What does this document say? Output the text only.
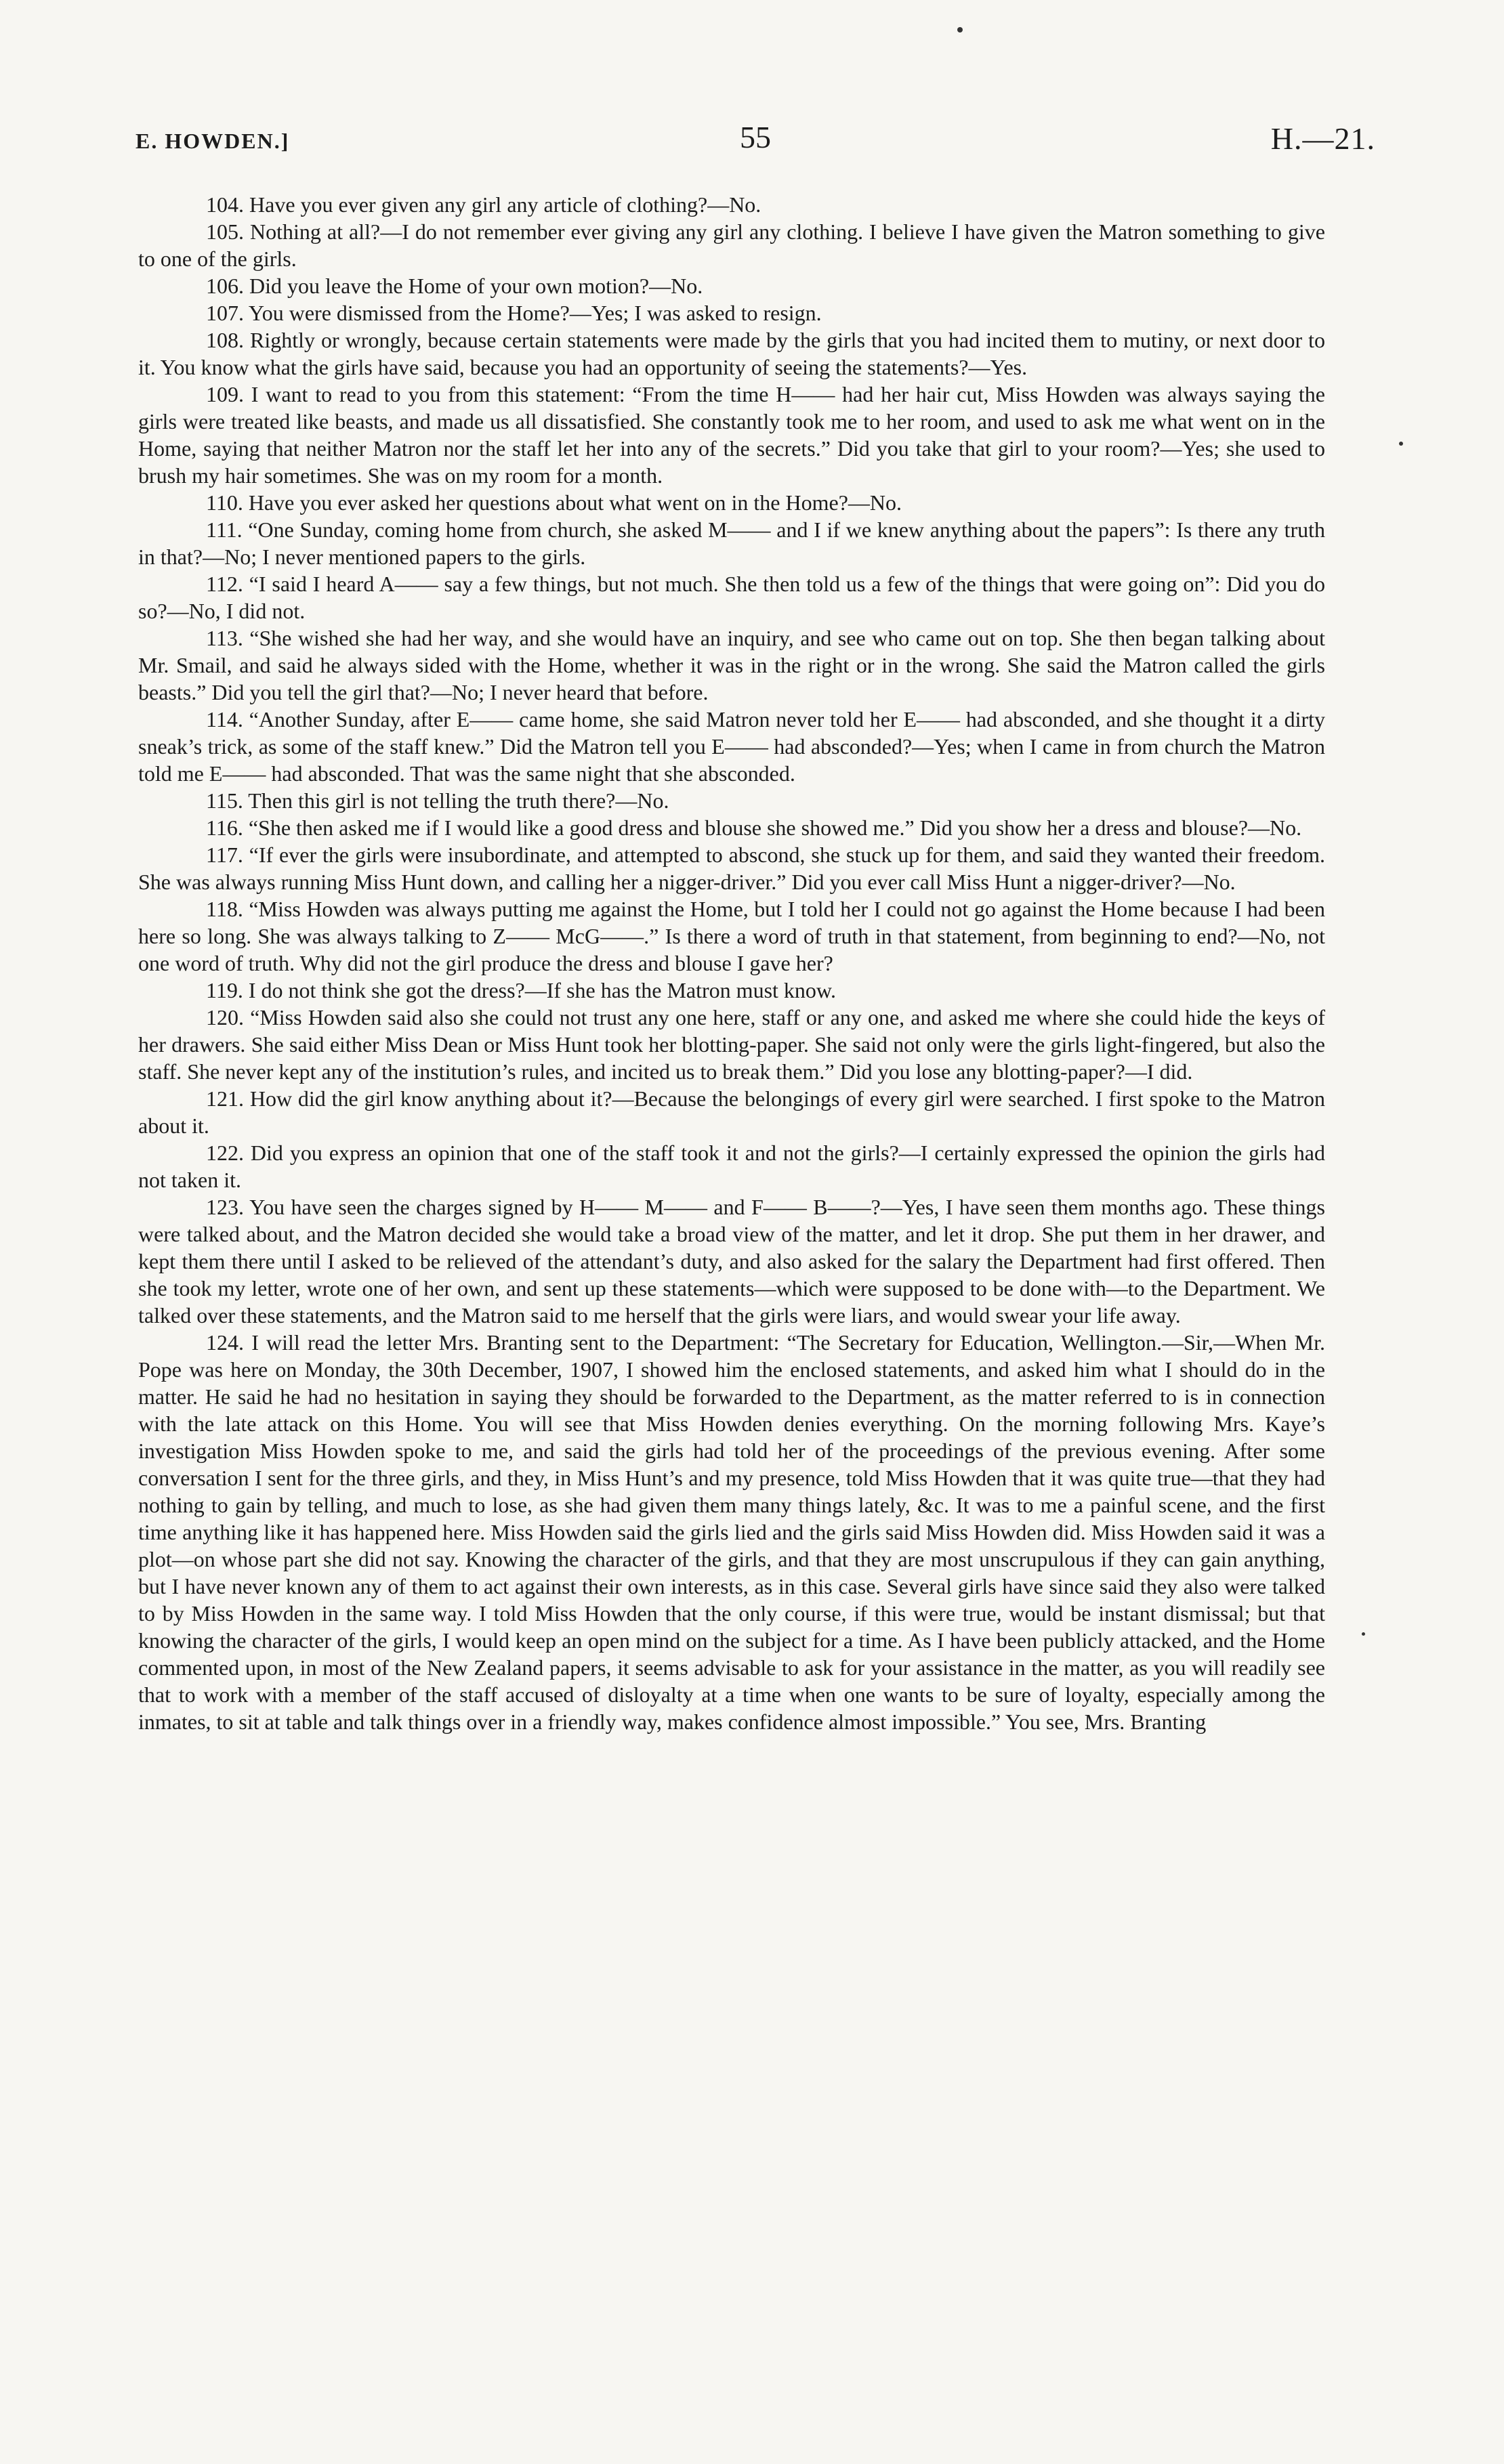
E. HOWDEN.]	55	H.—21.

104. Have you ever given any girl any article of clothing?—No.

105. Nothing at all?—I do not remember ever giving any girl any clothing. I believe I have given the Matron something to give to one of the girls.

106. Did you leave the Home of your own motion?—No.

107. You were dismissed from the Home?—Yes; I was asked to resign.

108. Rightly or wrongly, because certain statements were made by the girls that you had incited them to mutiny, or next door to it. You know what the girls have said, because you had an opportunity of seeing the statements?—Yes.

109. I want to read to you from this statement: “From the time H—— had her hair cut, Miss Howden was always saying the girls were treated like beasts, and made us all dissatisfied. She constantly took me to her room, and used to ask me what went on in the Home, saying that neither Matron nor the staff let her into any of the secrets.” Did you take that girl to your room?—Yes; she used to brush my hair sometimes. She was on my room for a month.

110. Have you ever asked her questions about what went on in the Home?—No.

111. “One Sunday, coming home from church, she asked M—— and I if we knew anything about the papers”: Is there any truth in that?—No; I never mentioned papers to the girls.

112. “I said I heard A—— say a few things, but not much. She then told us a few of the things that were going on”: Did you do so?—No, I did not.

113. “She wished she had her way, and she would have an inquiry, and see who came out on top. She then began talking about Mr. Smail, and said he always sided with the Home, whether it was in the right or in the wrong. She said the Matron called the girls beasts.” Did you tell the girl that?—No; I never heard that before.

114. “Another Sunday, after E—— came home, she said Matron never told her E—— had absconded, and she thought it a dirty sneak’s trick, as some of the staff knew.” Did the Matron tell you E—— had absconded?—Yes; when I came in from church the Matron told me E—— had absconded. That was the same night that she absconded.

115. Then this girl is not telling the truth there?—No.

116. “She then asked me if I would like a good dress and blouse she showed me.” Did you show her a dress and blouse?—No.

117. “If ever the girls were insubordinate, and attempted to abscond, she stuck up for them, and said they wanted their freedom. She was always running Miss Hunt down, and calling her a nigger-driver.” Did you ever call Miss Hunt a nigger-driver?—No.

118. “Miss Howden was always putting me against the Home, but I told her I could not go against the Home because I had been here so long. She was always talking to Z—— McG——.” Is there a word of truth in that statement, from beginning to end?—No, not one word of truth. Why did not the girl produce the dress and blouse I gave her?

119. I do not think she got the dress?—If she has the Matron must know.

120. “Miss Howden said also she could not trust any one here, staff or any one, and asked me where she could hide the keys of her drawers. She said either Miss Dean or Miss Hunt took her blotting-paper. She said not only were the girls light-fingered, but also the staff. She never kept any of the institution’s rules, and incited us to break them.” Did you lose any blotting-paper?—I did.

121. How did the girl know anything about it?—Because the belongings of every girl were searched. I first spoke to the Matron about it.

122. Did you express an opinion that one of the staff took it and not the girls?—I certainly expressed the opinion the girls had not taken it.

123. You have seen the charges signed by H—— M—— and F—— B——?—Yes, I have seen them months ago. These things were talked about, and the Matron decided she would take a broad view of the matter, and let it drop. She put them in her drawer, and kept them there until I asked to be relieved of the attendant’s duty, and also asked for the salary the Department had first offered. Then she took my letter, wrote one of her own, and sent up these statements—which were supposed to be done with—to the Department. We talked over these statements, and the Matron said to me herself that the girls were liars, and would swear your life away.

124. I will read the letter Mrs. Branting sent to the Department: “The Secretary for Education, Wellington.—Sir,—When Mr. Pope was here on Monday, the 30th December, 1907, I showed him the enclosed statements, and asked him what I should do in the matter. He said he had no hesitation in saying they should be forwarded to the Department, as the matter referred to is in connection with the late attack on this Home. You will see that Miss Howden denies everything. On the morning following Mrs. Kaye’s investigation Miss Howden spoke to me, and said the girls had told her of the proceedings of the previous evening. After some conversation I sent for the three girls, and they, in Miss Hunt’s and my presence, told Miss Howden that it was quite true—that they had nothing to gain by telling, and much to lose, as she had given them many things lately, &c. It was to me a painful scene, and the first time anything like it has happened here. Miss Howden said the girls lied and the girls said Miss Howden did. Miss Howden said it was a plot—on whose part she did not say. Knowing the character of the girls, and that they are most unscrupulous if they can gain anything, but I have never known any of them to act against their own interests, as in this case. Several girls have since said they also were talked to by Miss Howden in the same way. I told Miss Howden that the only course, if this were true, would be instant dismissal; but that knowing the character of the girls, I would keep an open mind on the subject for a time. As I have been publicly attacked, and the Home commented upon, in most of the New Zealand papers, it seems advisable to ask for your assistance in the matter, as you will readily see that to work with a member of the staff accused of disloyalty at a time when one wants to be sure of loyalty, especially among the inmates, to sit at table and talk things over in a friendly way, makes confidence almost impossible.” You see, Mrs. Branting
